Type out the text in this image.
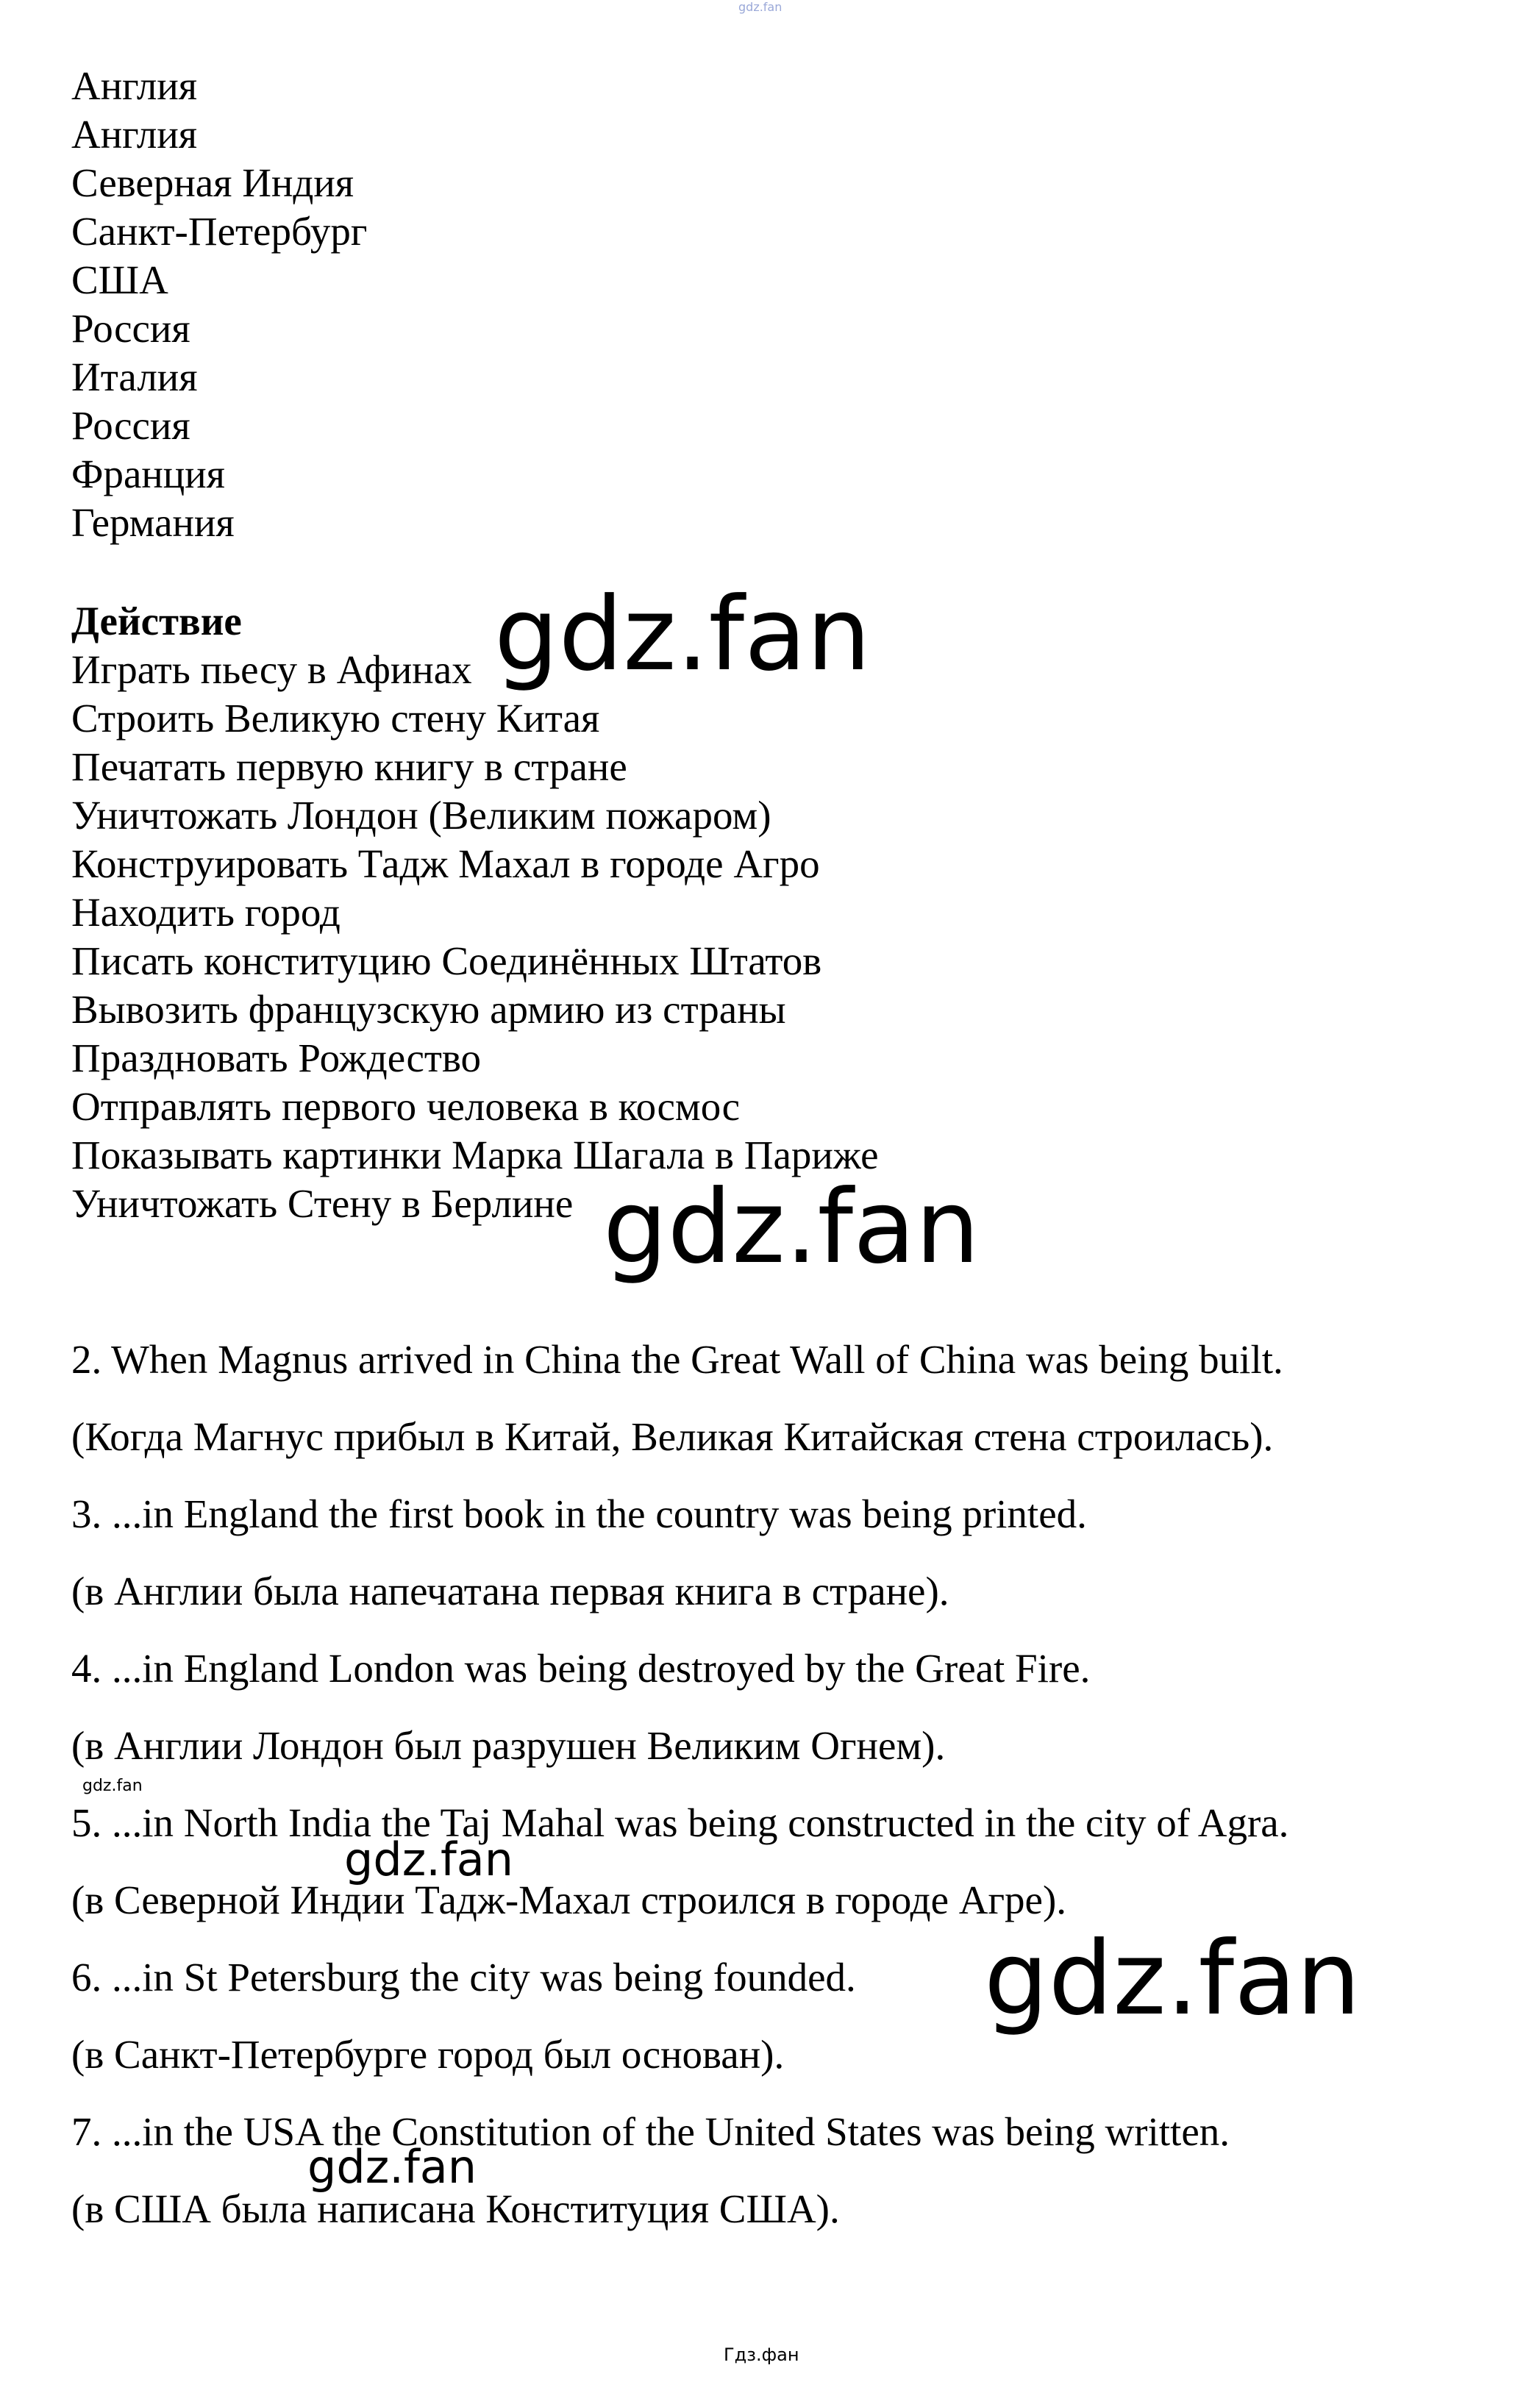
gdz.fan
Англия
Англия
Северная Индия
Санкт-Петербург
США
Россия
Италия
Россия
Франция
Германия
Действие
Играть пьесу в Афинах
Строить Великую стену Китая
Печатать первую книгу в стране
Уничтожать Лондон (Великим пожаром)
Конструировать Тадж Махал в городе Агро
Находить город
Писать конституцию Соединённых Штатов
Вывозить французскую армию из страны
Праздновать Рождество
Отправлять первого человека в космос
Показывать картинки Марка Шагала в Париже
Уничтожать Стену в Берлине
2. When Magnus arrived in China the Great Wall of China was being built.
(Когда Магнус прибыл в Китай, Великая Китайская стена строилась).
3. ...in England the first book in the country was being printed.
(в Англии была напечатана первая книга в стране).
4. ...in England London was being destroyed by the Great Fire.
(в Англии Лондон был разрушен Великим Огнем).
5. ...in North India the Taj Mahal was being constructed in the city of Agra.
(в Северной Индии Тадж-Махал строился в городе Агре).
6. ...in St Petersburg the city was being founded.
(в Санкт-Петербурге город был основан).
7. ...in the USA the Constitution of the United States was being written.
(в США была написана Конституция США).
gdz.fan
gdz.fan
gdz.fan
gdz.fan
gdz.fan
gdz.fan
Гдз.фан
